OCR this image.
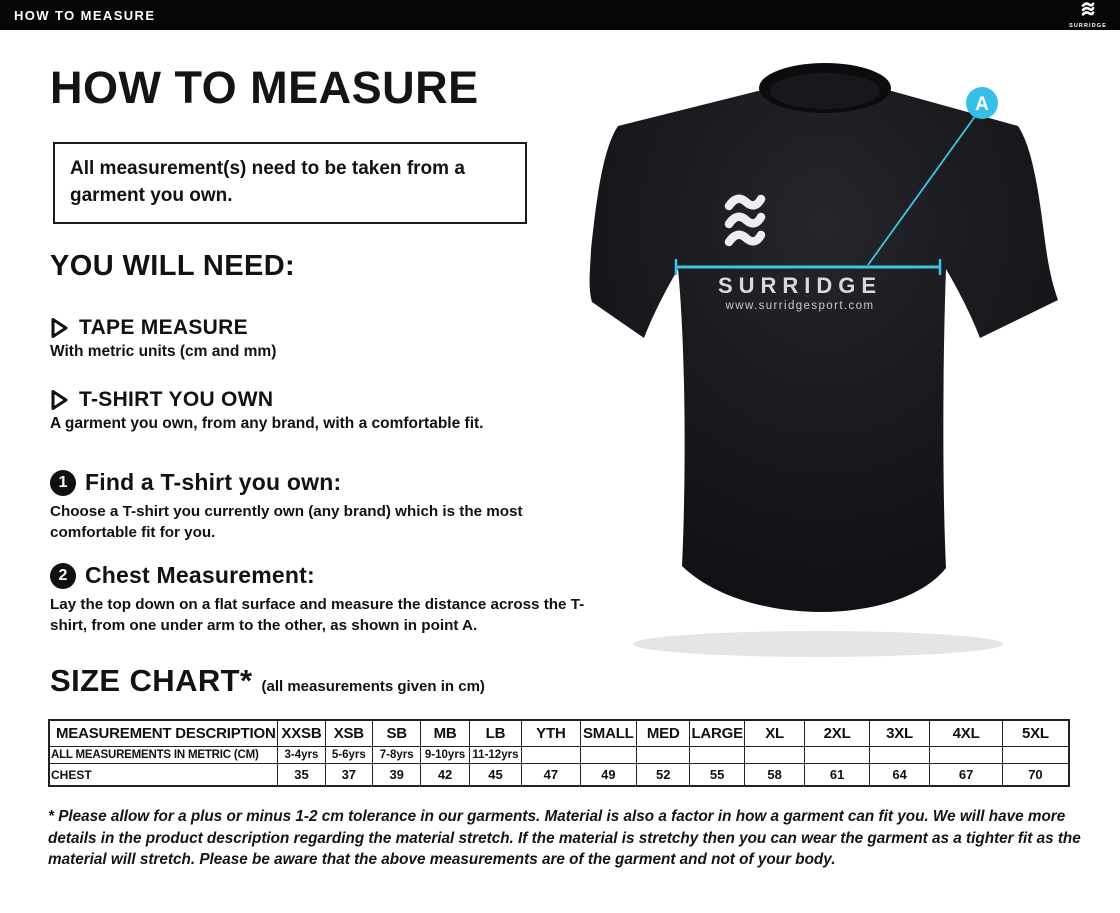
HOW TO MEASURE
SURRIDGE
HOW TO MEASURE

All measurement(s) need to be taken from a garment you own.

YOU WILL NEED:
TAPE MEASURE
With metric units (cm and mm)
T-SHIRT YOU OWN
A garment you own, from any brand, with a comfortable fit.
1 Find a T-shirt you own:

Choose a T-shirt you currently own (any brand) which is the most comfortable fit for you.

2 Chest Measurement:

Lay the top down on a flat surface and measure the distance across the T-shirt, from one under arm to the other, as shown in point A.

SIZE CHART* (all measurements given in cm)
MEASUREMENT DESCRIPTION	XXSB	XSB	SB	MB	LB	YTH	SMALL	MED	LARGE	XL	2XL	3XL	4XL	5XL
ALL MEASUREMENTS IN METRIC (CM)	3-4yrs	5-6yrs	7-8yrs	9-10yrs	11-12yrs									
CHEST	35	37	39	42	45	47	49	52	55	58	61	64	67	70

* Please allow for a plus or minus 1-2 cm tolerance in our garments. Material is also a factor in how a garment can fit you. We will have more details in the product description regarding the material stretch. If the material is stretchy then you can wear the garment as a tighter fit as the material will stretch. Please be aware that the above measurements are of the garment and not of your body.

A
SURRIDGE
www.surridgesport.com
